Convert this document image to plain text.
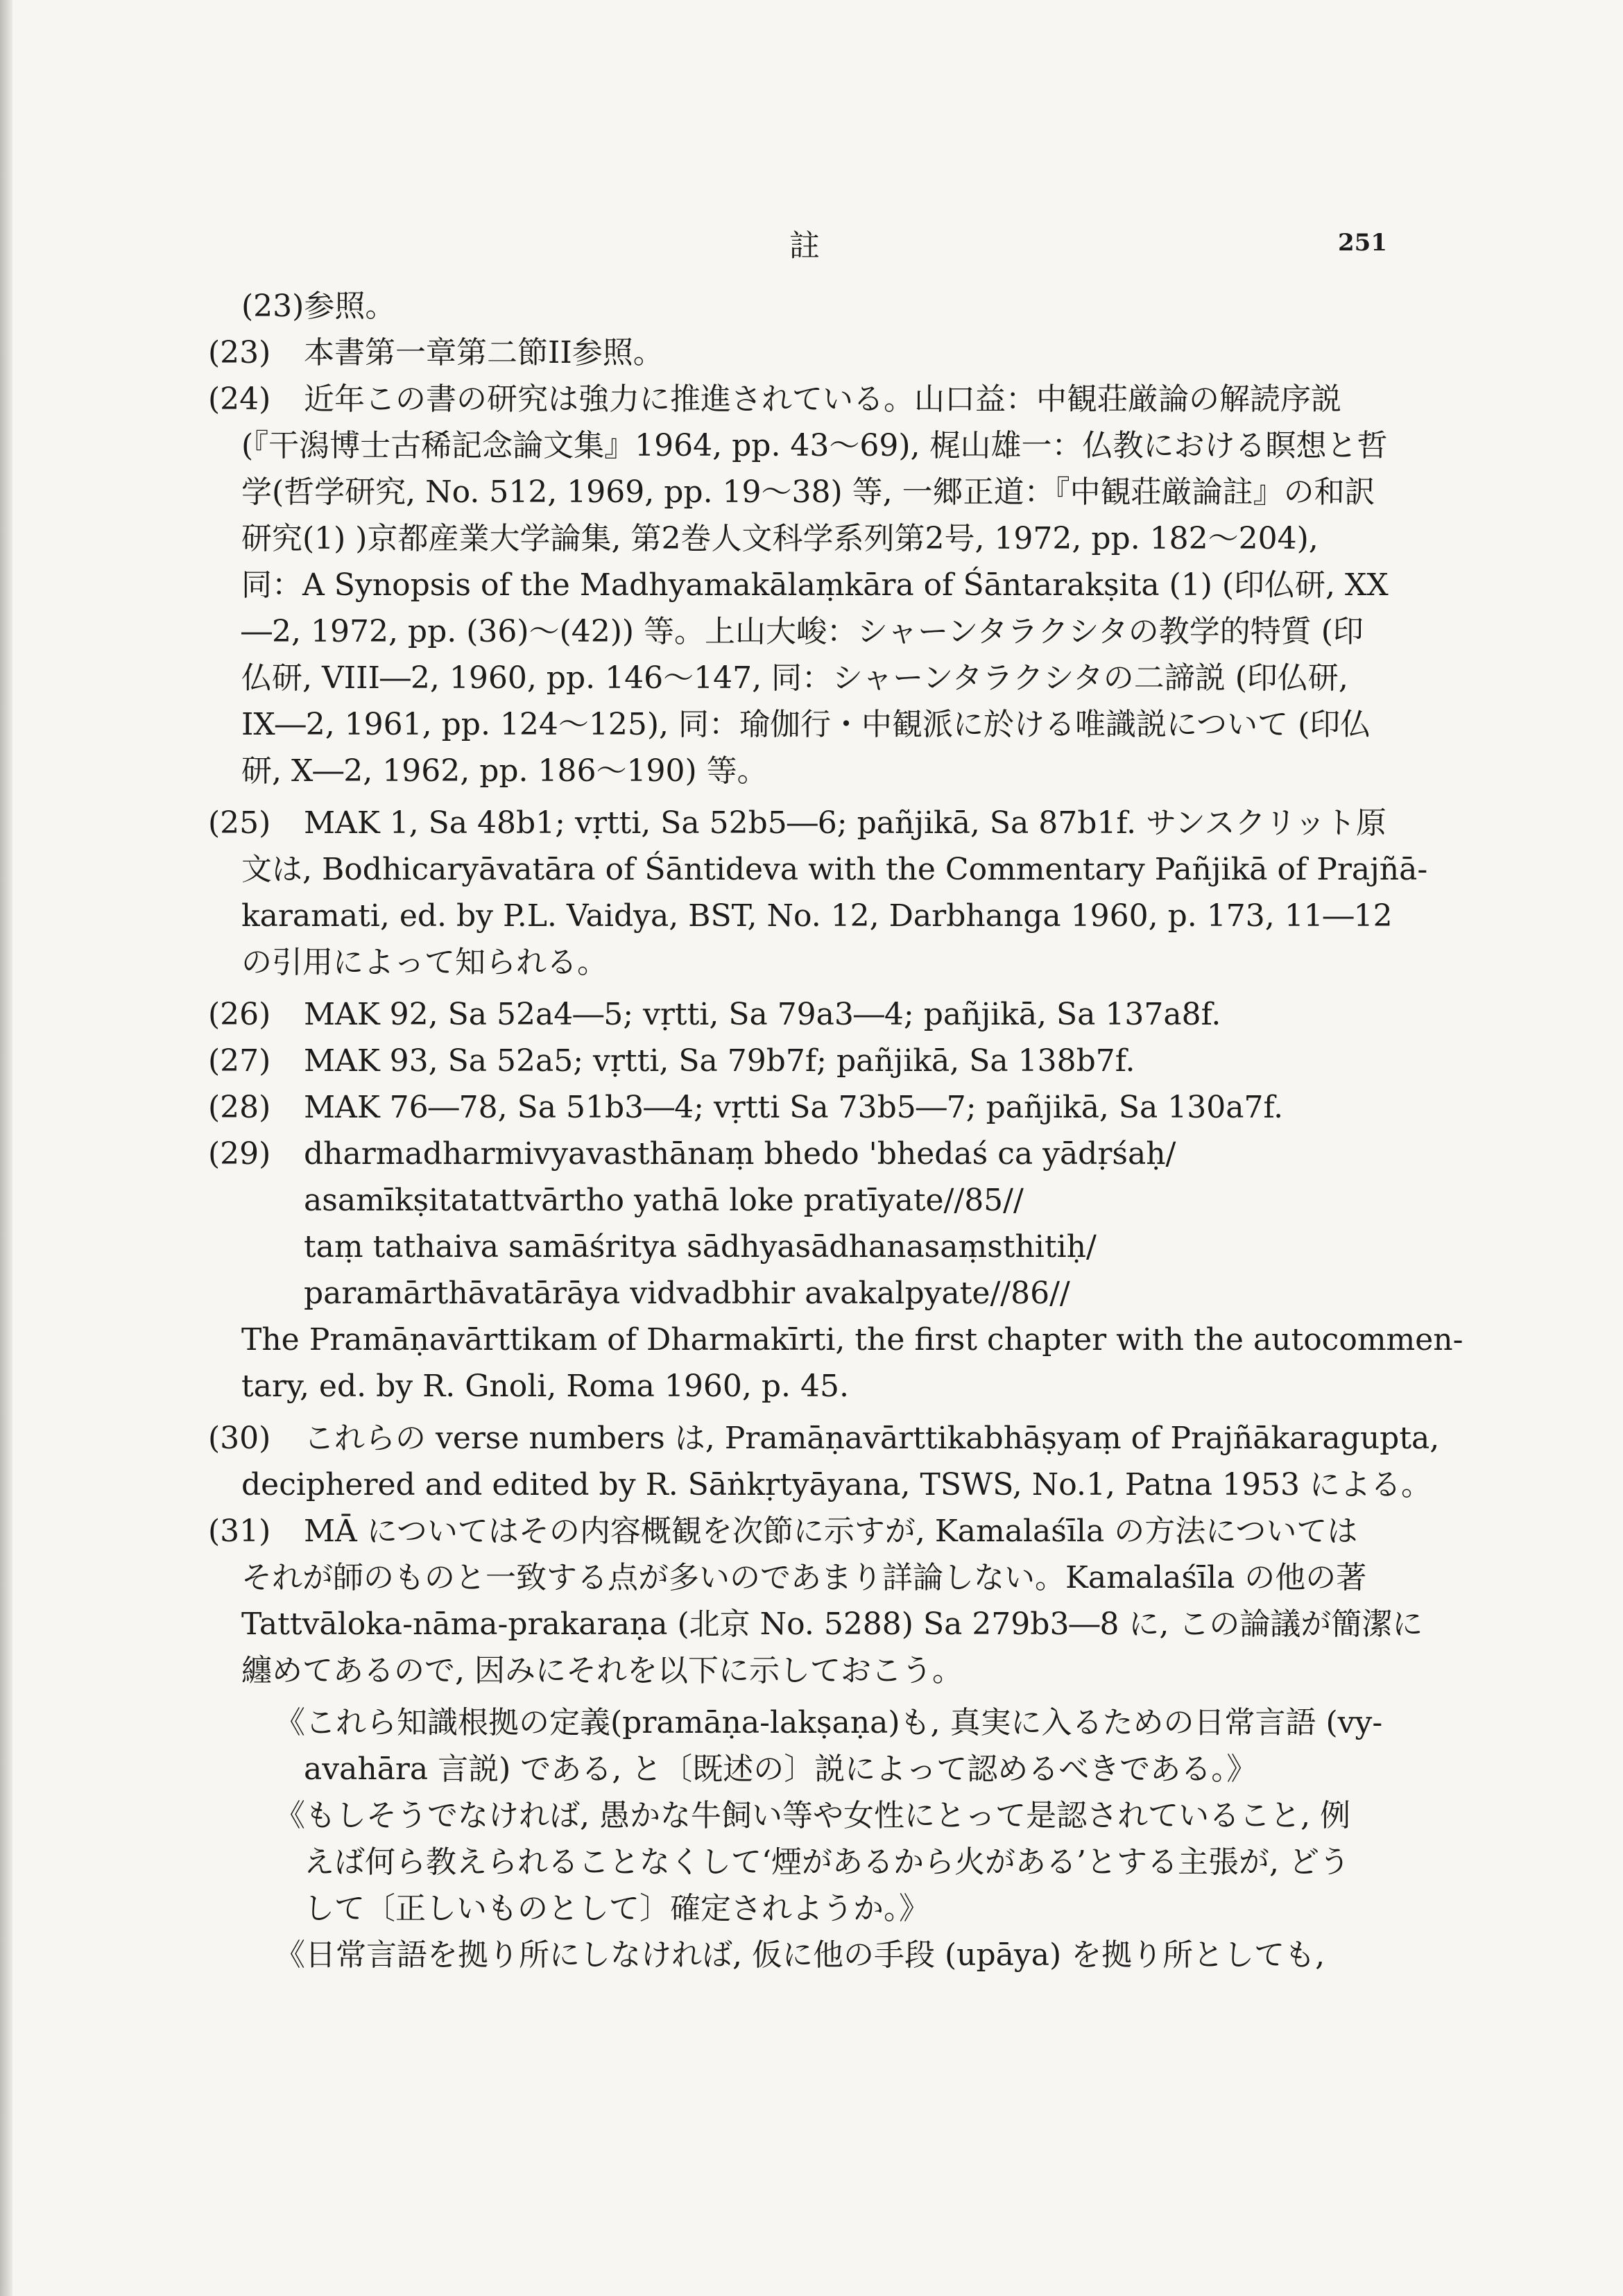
註	251
(23)参照。
(23) 本書第一章第二節II参照。
(24) 近年この書の研究は強力に推進されている。山口益：中観荘厳論の解読序説
(『干潟博士古稀記念論文集』1964, pp. 43～69), 梶山雄一：仏教における瞑想と哲
学(哲学研究, No. 512, 1969, pp. 19～38) 等, 一郷正道：『中観荘厳論註』の和訳
研究(1) )京都産業大学論集, 第2巻人文科学系列第2号, 1972, pp. 182～204),
同：A Synopsis of the Madhyamakālaṃkāra of Śāntarakṣita (1) (印仏研, XX
―2, 1972, pp. (36)～(42)) 等。上山大峻：シャーンタラクシタの教学的特質 (印
仏研, VIII―2, 1960, pp. 146～147, 同：シャーンタラクシタの二諦説 (印仏研,
IX―2, 1961, pp. 124～125), 同：瑜伽行・中観派に於ける唯識説について (印仏
研, X―2, 1962, pp. 186～190) 等。
(25) MAK 1, Sa 48b1; vṛtti, Sa 52b5―6; pañjikā, Sa 87b1f. サンスクリット原
文は, Bodhicaryāvatāra of Śāntideva with the Commentary Pañjikā of Prajñā-
karamati, ed. by P.L. Vaidya, BST, No. 12, Darbhanga 1960, p. 173, 11―12
の引用によって知られる。
(26) MAK 92, Sa 52a4―5; vṛtti, Sa 79a3―4; pañjikā, Sa 137a8f.
(27) MAK 93, Sa 52a5; vṛtti, Sa 79b7f; pañjikā, Sa 138b7f.
(28) MAK 76―78, Sa 51b3―4; vṛtti Sa 73b5―7; pañjikā, Sa 130a7f.
(29) dharmadharmivyavasthānaṃ bhedo 'bhedaś ca yādṛśaḥ/
asamīkṣitatattvārtho yathā loke pratīyate//85//
taṃ tathaiva samāśritya sādhyasādhanasaṃsthitiḥ/
paramārthāvatārāya vidvadbhir avakalpyate//86//
The Pramāṇavārttikam of Dharmakīrti, the first chapter with the autocommen-
tary, ed. by R. Gnoli, Roma 1960, p. 45.
(30) これらの verse numbers は, Pramāṇavārttikabhāṣyaṃ of Prajñākaragupta,
deciphered and edited by R. Sāṅkṛtyāyana, TSWS, No.1, Patna 1953 による。
(31) MĀ についてはその内容概観を次節に示すが, Kamalaśīla の方法については
それが師のものと一致する点が多いのであまり詳論しない。Kamalaśīla の他の著
Tattvāloka-nāma-prakaraṇa (北京 No. 5288) Sa 279b3―8 に, この論議が簡潔に
纏めてあるので, 因みにそれを以下に示しておこう。
《これら知識根拠の定義(pramāṇa-lakṣaṇa)も, 真実に入るための日常言語 (vy-
avahāra 言説) である, と〔既述の〕説によって認めるべきである。》
《もしそうでなければ, 愚かな牛飼い等や女性にとって是認されていること, 例
えば何ら教えられることなくして‘煙があるから火がある’とする主張が, どう
して〔正しいものとして〕確定されようか。》
《日常言語を拠り所にしなければ, 仮に他の手段 (upāya) を拠り所としても,
